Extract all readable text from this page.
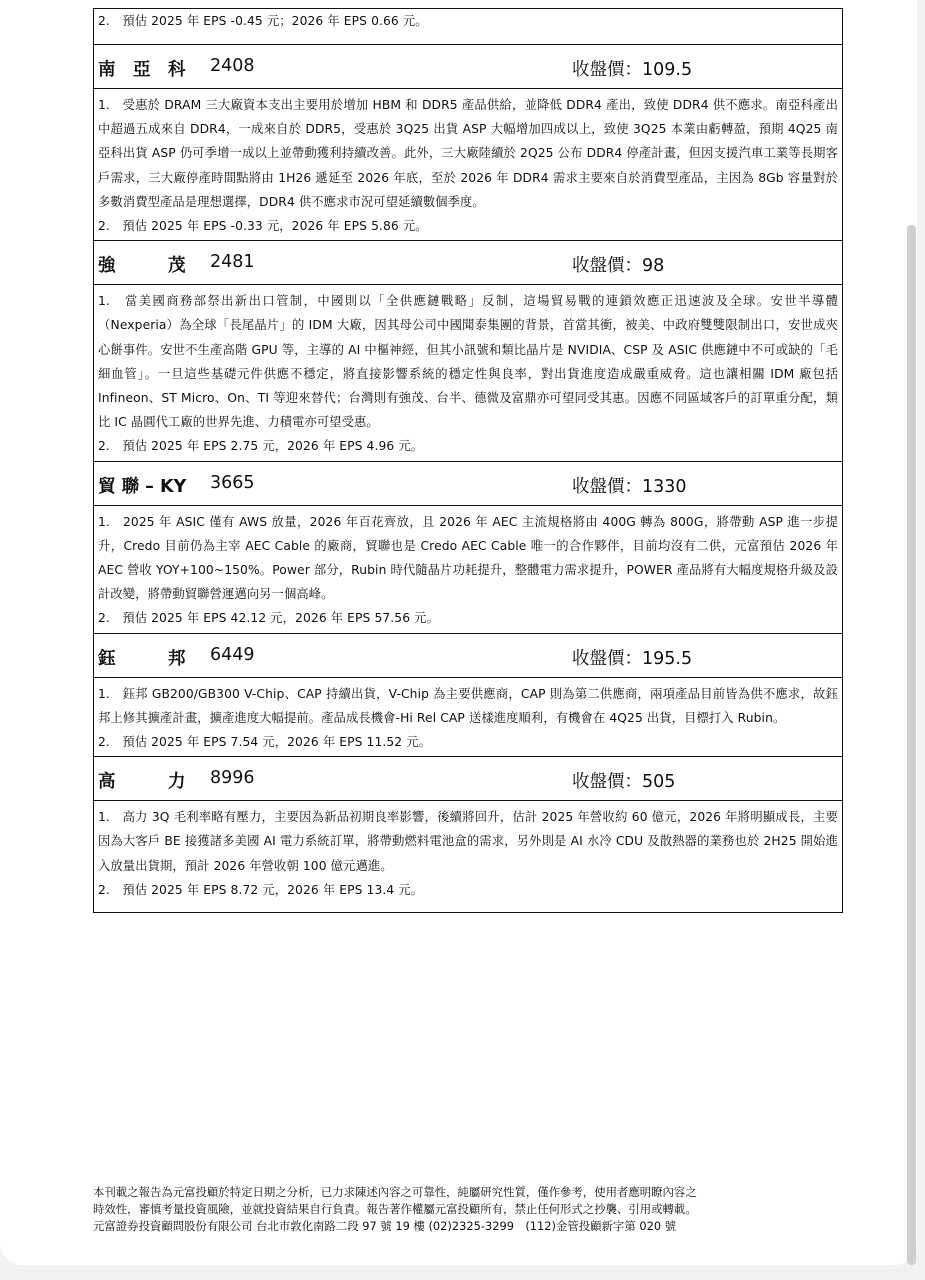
2.　預估 2025 年 EPS -0.45 元；2026 年 EPS 0.66 元。
南　亞　科 2408	收盤價：109.5

1.　受惠於 DRAM 三大廠資本支出主要用於增加 HBM 和 DDR5 產品供給，並降低 DDR4 產出，致使 DDR4 供不應求。南亞科產出中超過五成來自 DDR4，一成來自於 DDR5，受惠於 3Q25 出貨 ASP 大幅增加四成以上，致使 3Q25 本業由虧轉盈，預期 4Q25 南亞科出貨 ASP 仍可季增一成以上並帶動獲利持續改善。此外，三大廠陸續於 2Q25 公布 DDR4 停產計畫，但因支援汽車工業等長期客戶需求，三大廠停產時間點將由 1H26 遞延至 2026 年底，至於 2026 年 DDR4 需求主要來自於消費型產品，主因為 8Gb 容量對於多數消費型產品是理想選擇，DDR4 供不應求市況可望延續數個季度。

2.　預估 2025 年 EPS -0.33 元，2026 年 EPS 5.86 元。

強　　　茂 2481	收盤價：98

1.　當美國商務部祭出新出口管制，中國則以「全供應鏈戰略」反制，這場貿易戰的連鎖效應正迅速波及全球。安世半導體（Nexperia）為全球「長尾晶片」的 IDM 大廠，因其母公司中國聞泰集團的背景，首當其衝，被美、中政府雙雙限制出口，安世成夾心餅事件。安世不生產高階 GPU 等，主導的 AI 中樞神經，但其小訊號和類比晶片是 NVIDIA、CSP 及 ASIC 供應鏈中不可或缺的「毛細血管」。一旦這些基礎元件供應不穩定，將直接影響系統的穩定性與良率，對出貨進度造成嚴重威脅。這也讓相關 IDM 廠包括 Infineon、ST Micro、On、TI 等迎來替代；台灣則有強茂、台半、德微及富鼎亦可望同受其惠。因應不同區域客戶的訂單重分配，類比 IC 晶圓代工廠的世界先進、力積電亦可望受惠。

2.　預估 2025 年 EPS 2.75 元，2026 年 EPS 4.96 元。

貿 聯 – KY 3665	收盤價：1330

1.　2025 年 ASIC 僅有 AWS 放量，2026 年百花齊放，且 2026 年 AEC 主流規格將由 400G 轉為 800G，將帶動 ASP 進一步提升，Credo 目前仍為主宰 AEC Cable 的廠商，貿聯也是 Credo AEC Cable 唯一的合作夥伴，目前均沒有二供，元富預估 2026 年 AEC 營收 YOY+100~150%。Power 部分，Rubin 時代隨晶片功耗提升，整體電力需求提升，POWER 產品將有大幅度規格升級及設計改變，將帶動貿聯營運邁向另一個高峰。

2.　預估 2025 年 EPS 42.12 元，2026 年 EPS 57.56 元。

鈺　　　邦 6449	收盤價：195.5

1.　鈺邦 GB200/GB300 V-Chip、CAP 持續出貨，V-Chip 為主要供應商，CAP 則為第二供應商，兩項產品目前皆為供不應求，故鈺邦上修其擴產計畫，擴產進度大幅提前。產品成長機會-Hi Rel CAP 送樣進度順利，有機會在 4Q25 出貨，目標打入 Rubin。

2.　預估 2025 年 EPS 7.54 元，2026 年 EPS 11.52 元。

高　　　力 8996	收盤價：505

1.　高力 3Q 毛利率略有壓力，主要因為新品初期良率影響，後續將回升，估計 2025 年營收約 60 億元，2026 年將明顯成長，主要因為大客戶 BE 接獲諸多美國 AI 電力系統訂單，將帶動燃料電池盒的需求，另外則是 AI 水冷 CDU 及散熱器的業務也於 2H25 開始進入放量出貨期，預計 2026 年營收朝 100 億元邁進。

2.　預估 2025 年 EPS 8.72 元，2026 年 EPS 13.4 元。

本刊載之報告為元富投顧於特定日期之分析，已力求陳述內容之可靠性，純屬研究性質，僅作參考，使用者應明瞭內容之
時效性，審慎考量投資風險，並就投資結果自行負責。報告著作權屬元富投顧所有，禁止任何形式之抄襲、引用或轉載。
元富證券投資顧問股份有限公司 台北市敦化南路二段 97 號 19 樓 (02)2325-3299　(112)金管投顧新字第 020 號
